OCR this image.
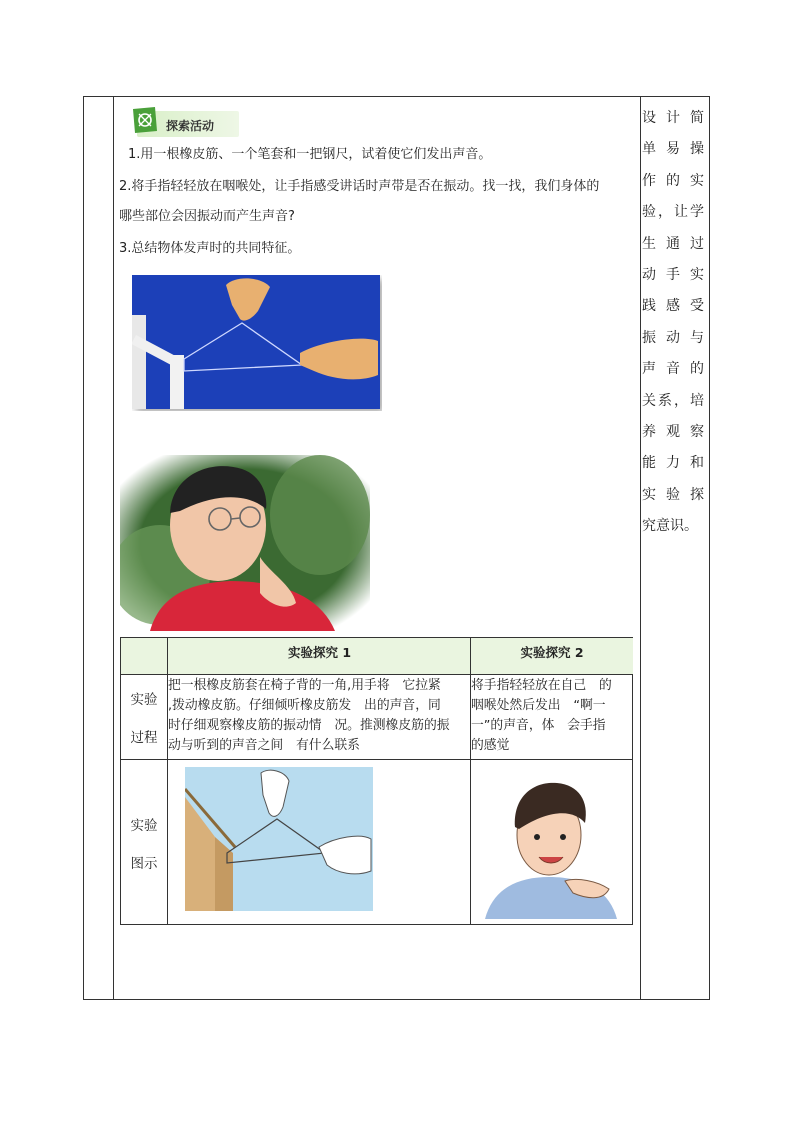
探索活动
1.用一根橡皮筋、一个笔套和一把钢尺，试着使它们发出声音。
2.将手指轻轻放在咽喉处，让手指感受讲话时声带是否在振动。找一找，我们身体的
哪些部位会因振动而产生声音?
3.总结物体发声时的共同特征。
设计简
单易操
作的实
验，让学
生通过
动手实
践感受
振动与
声音的
关系，培
养观察
能力和
实验探
究意识。
实验探究 1	实验探究 2
实验
过程
把一根橡皮筋套在椅子背的一角,用手将　它拉紧
,拨动橡皮筋。仔细倾听橡皮筋发　出的声音，同
时仔细观察橡皮筋的振动情　况。推测橡皮筋的振
动与听到的声音之间　有什么联系
将手指轻轻放在自己　的
咽喉处然后发出　“啊一
一”的声音，体　会手指
的感觉
实验
图示
